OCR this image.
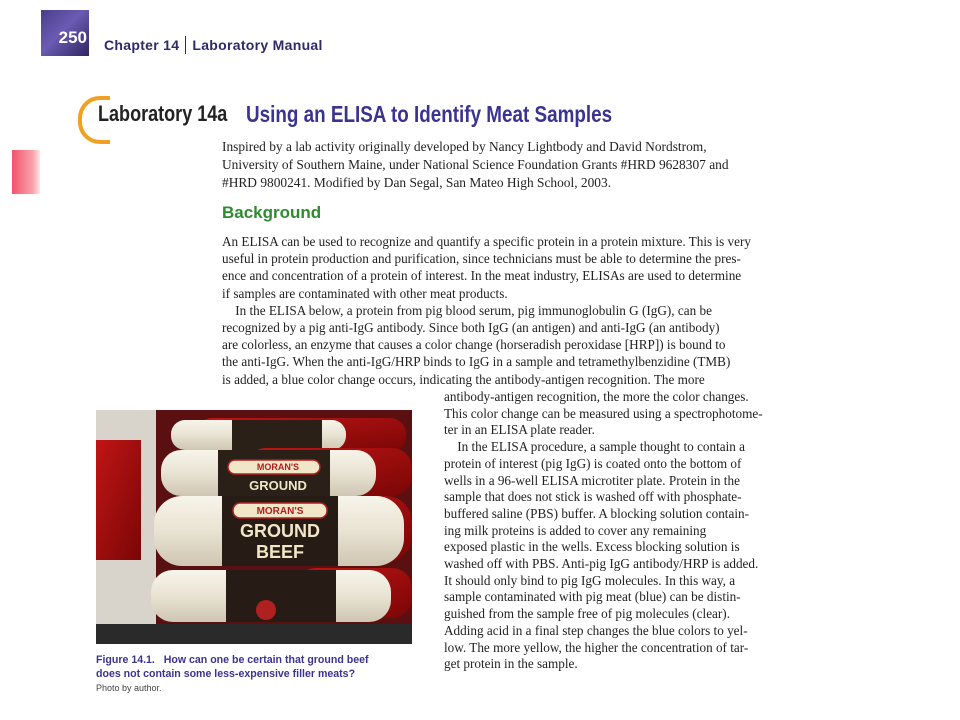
250 Chapter 14 Laboratory Manual
Laboratory 14a Using an ELISA to Identify Meat Samples

Inspired by a lab activity originally developed by Nancy Lightbody and David Nordstrom,

University of Southern Maine, under National Science Foundation Grants #HRD 9628307 and

#HRD 9800241. Modified by Dan Segal, San Mateo High School, 2003.

Background

An ELISA can be used to recognize and quantify a specific protein in a protein mixture. This is very

useful in protein production and purification, since technicians must be able to determine the pres-

ence and concentration of a protein of interest. In the meat industry, ELISAs are used to determine

if samples are contaminated with other meat products.

In the ELISA below, a protein from pig blood serum, pig immunoglobulin G (IgG), can be

recognized by a pig anti-IgG antibody. Since both IgG (an antigen) and anti-IgG (an antibody)

are colorless, an enzyme that causes a color change (horseradish peroxidase [HRP]) is bound to

the anti-IgG. When the anti-IgG/HRP binds to IgG in a sample and tetramethylbenzidine (TMB)

is added, a blue color change occurs, indicating the antibody-antigen recognition. The more

antibody-antigen recognition, the more the color changes.

This color change can be measured using a spectrophotome-

ter in an ELISA plate reader.

In the ELISA procedure, a sample thought to contain a

protein of interest (pig IgG) is coated onto the bottom of

wells in a 96-well ELISA microtiter plate. Protein in the

sample that does not stick is washed off with phosphate-

buffered saline (PBS) buffer. A blocking solution contain-

ing milk proteins is added to cover any remaining

exposed plastic in the wells. Excess blocking solution is

washed off with PBS. Anti-pig IgG antibody/HRP is added.

It should only bind to pig IgG molecules. In this way, a

sample contaminated with pig meat (blue) can be distin-

guished from the sample free of pig molecules (clear).

Adding acid in a final step changes the blue colors to yel-

low. The more yellow, the higher the concentration of tar-

get protein in the sample.

MORAN'S
GROUND
MORAN'S
GROUND
BEEF

Figure 14.1.   How can one be certain that ground beef

does not contain some less-expensive filler meats?

Photo by author.
